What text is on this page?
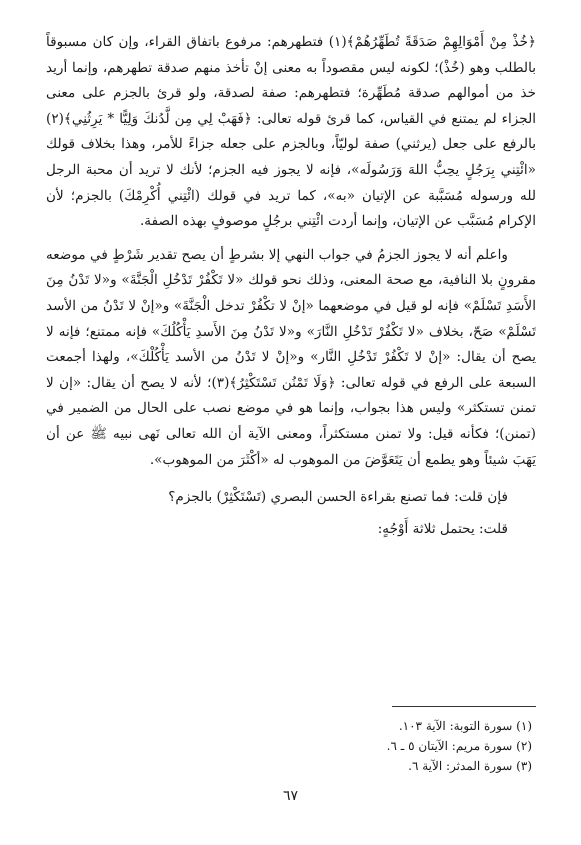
﴿خُذْ مِنْ أَمْوَالِهِمْ صَدَقَةً تُطَهِّرُهُمْ﴾(١) فتطهرهم: مرفوع باتفاق القراء، وإن كان مسبوقاً بالطلب وهو (خُذْ)؛ لكونه ليس مقصوداً به معنى إنْ تأخذ منهم صدقة تطهرهم، وإنما أريد خذ من أموالهم صدقة مُطَهِّرة؛ فتطهرهم: صفة لصدقة، ولو قرئ بالجزم على معنى الجزاء لم يمتنع في القياس، كما قرئ قوله تعالى: ﴿فَهَبْ لِي مِن لَّدُنكَ وَلِيًّا * يَرِثُنِي﴾(٢) بالرفع على جعل (يرثني) صفة لوليّاً، وبالجزم على جعله جزاءً للأمر، وهذا بخلاف قولك «ائْتِني بِرَجُلٍ يحِبُّ اللهَ وَرَسُولَه»، فإنه لا يجوز فيه الجزم؛ لأنك لا تريد أن محبة الرجل لله ورسوله مُسَبَّبة عن الإتيان «به»، كما تريد في قولك (ائْتِني أُكْرِمْكَ) بالجزم؛ لأن الإكرام مُسَبَّب عن الإتيان، وإنما أردت ائْتِني برجُلٍ موصوفٍ بهذه الصفة.

واعلم أنه لا يجوز الجزمُ في جواب النهي إلا بشرطٍ أن يصح تقدير شَرْطٍ في موضعه مقرونٍ بلا النافية، مع صحة المعنى، وذلك نحو قولك «لا تَكْفُرْ تَدْخُلِ الْجَنَّةَ» و«لا تَدْنُ مِنَ الأَسَدِ تَسْلَمْ» فإنه لو قيل في موضعهما «إنْ لا تكْفُرْ تدخل الْجَنَّةَ» و«إنْ لا تَدْنُ من الأسد تَسْلَمْ» صَحّ، بخلاف «لا تَكْفُرْ تَدْخُلِ النَّارَ» و«لا تَدْنُ مِنَ الأَسدِ يَأْكُلُكَ» فإنه ممتنع؛ فإنه لا يصح أن يقال: «إنْ لا تَكْفُرْ تَدْخُلِ النَّار» و«إنْ لا تَدْنُ من الأسد يَأْكُلْكَ»، ولهذا أجمعت السبعة على الرفع في قوله تعالى: ﴿وَلَا تَمْنُن تَسْتَكْثِرُ﴾(٣)؛ لأنه لا يصح أن يقال: «إن لا تمنن تستكثر» وليس هذا بجواب، وإنما هو في موضع نصب على الحال من الضمير في (تمنن)؛ فكأنه قيل: ولا تمنن مستكثراً، ومعنى الآية أن الله تعالى نَهى نبيه ﷺ عن أن يَهَبَ شيئاً وهو يطمع أن يَتَعَوَّضَ من الموهوب له «أكْثَرَ من الموهوب».

فإن قلت: فما تصنع بقراءة الحسن البصري (تَسْتَكْثِرْ) بالجزم؟

قلت: يحتمل ثلاثة أَوْجُهٍ:

(١) سورة التوبة: الآية ١٠٣.

(٢) سورة مريم: الآيتان ٥ ـ ٦.

(٣) سورة المدثر: الآية ٦.

٦٧
